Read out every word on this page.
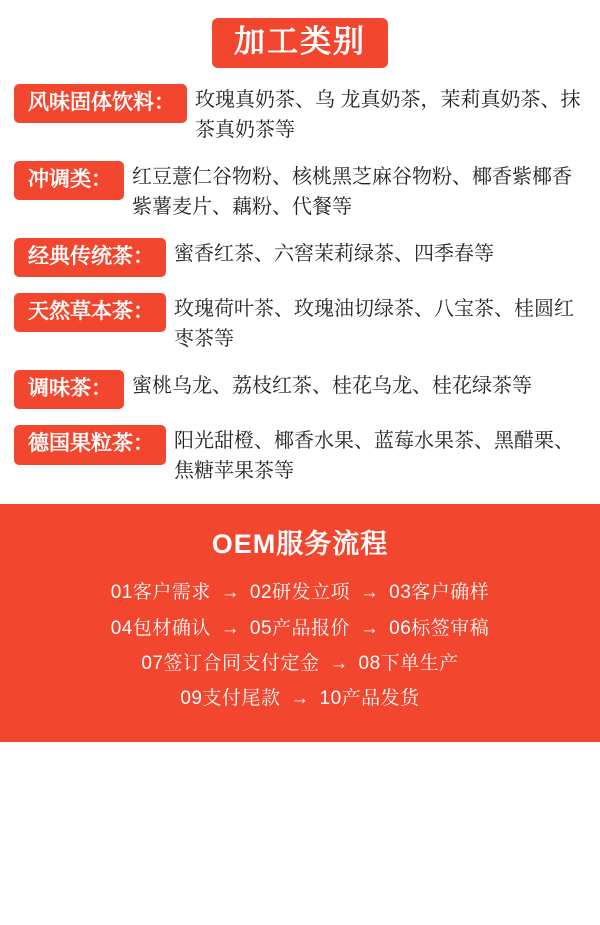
加工类别
风味固体饮料：	玫瑰真奶茶、乌 龙真奶茶，茉莉真奶茶、抹茶真奶茶等
冲调类：	红豆薏仁谷物粉、核桃黑芝麻谷物粉、椰香紫椰香紫薯麦片、藕粉、代餐等
经典传统茶：	蜜香红茶、六窖茉莉绿茶、四季春等
天然草本茶：	玫瑰荷叶茶、玫瑰油切绿茶、八宝茶、桂圆红枣茶等
调味茶：	蜜桃乌龙、荔枝红茶、桂花乌龙、桂花绿茶等
德国果粒茶：	阳光甜橙、椰香水果、蓝莓水果茶、黑醋栗、焦糖苹果茶等
OEM服务流程
01客户需求 → 02研发立项 → 03客户确样
04包材确认 → 05产品报价 → 06标签审稿
07签订合同支付定金 → 08下单生产
09支付尾款 → 10产品发货
